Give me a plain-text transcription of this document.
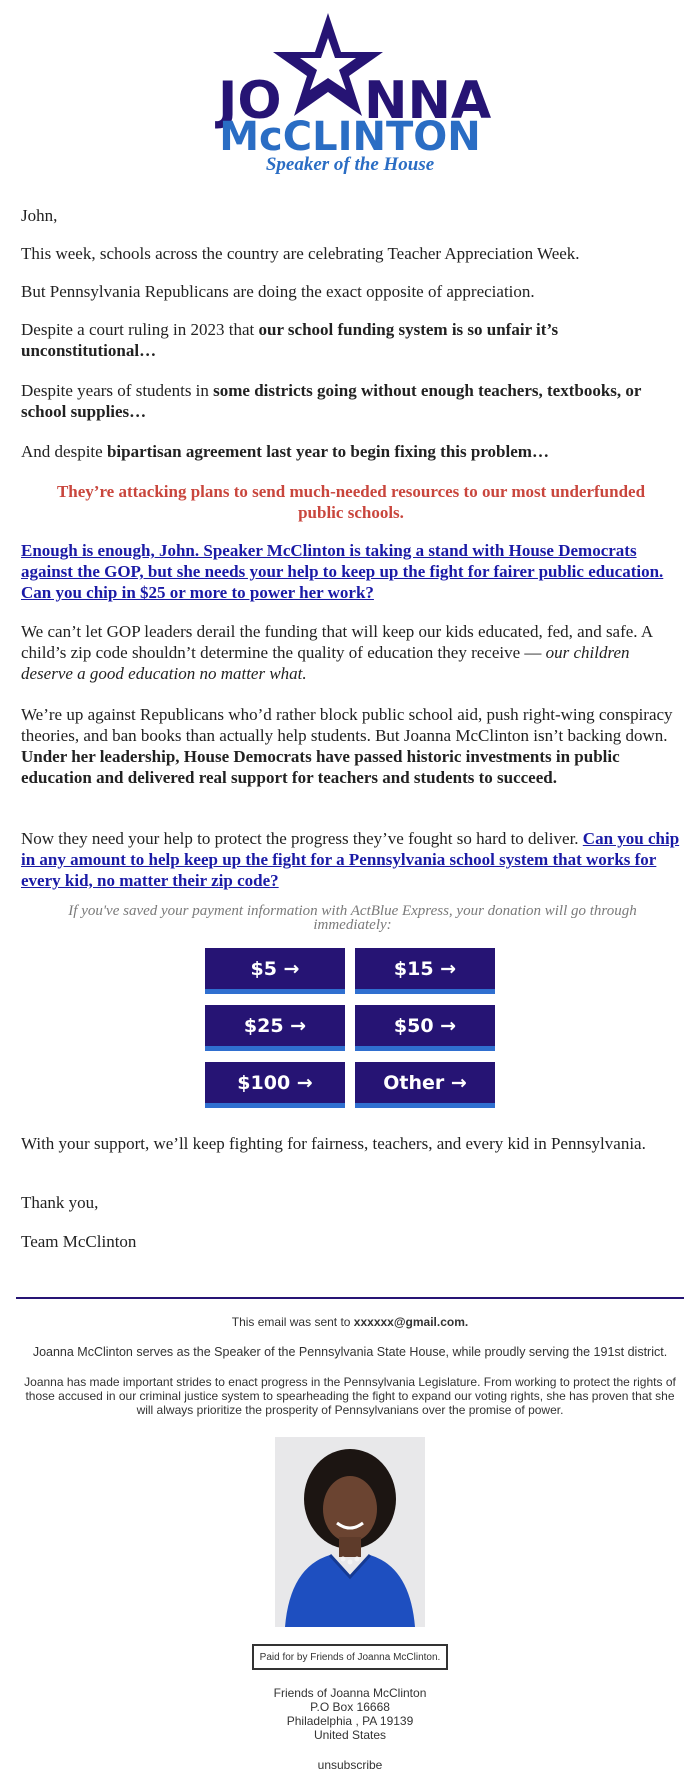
JO NNA
McCLINTON
Speaker of the House

John,

This week, schools across the country are celebrating Teacher Appreciation Week.

But Pennsylvania Republicans are doing the exact opposite of appreciation.

Despite a court ruling in 2023 that our school funding system is so unfair it’s unconstitutional…

Despite years of students in some districts going without enough teachers, textbooks, or school supplies…

And despite bipartisan agreement last year to begin fixing this problem…

They’re attacking plans to send much-needed resources to our most underfunded public schools.

Enough is enough, John. Speaker McClinton is taking a stand with House Democrats against the GOP, but she needs your help to keep up the fight for fairer public education. Can you chip in $25 or more to power her work?

We can’t let GOP leaders derail the funding that will keep our kids educated, fed, and safe. A child’s zip code shouldn’t determine the quality of education they receive — our children deserve a good education no matter what.

We’re up against Republicans who’d rather block public school aid, push right-wing conspiracy theories, and ban books than actually help students. But Joanna McClinton isn’t backing down. Under her leadership, House Democrats have passed historic investments in public education and delivered real support for teachers and students to succeed.

Now they need your help to protect the progress they’ve fought so hard to deliver. Can you chip in any amount to help keep up the fight for a Pennsylvania school system that works for every kid, no matter their zip code?

If you've saved your payment information with ActBlue Express, your donation will go through immediately:

$5 →	$15 →
$25 →	$50 →
$100 →	Other →

With your support, we’ll keep fighting for fairness, teachers, and every kid in Pennsylvania.

Thank you,

Team McClinton

This email was sent to xxxxxx@gmail.com.

Joanna McClinton serves as the Speaker of the Pennsylvania State House, while proudly serving the 191st district.

Joanna has made important strides to enact progress in the Pennsylvania Legislature. From working to protect the rights of those accused in our criminal justice system to spearheading the fight to expand our voting rights, she has proven that she will always prioritize the prosperity of Pennsylvanians over the promise of power.

Paid for by Friends of Joanna McClinton.

Friends of Joanna McClinton

P.O Box 16668

Philadelphia , PA 19139

United States

unsubscribe
